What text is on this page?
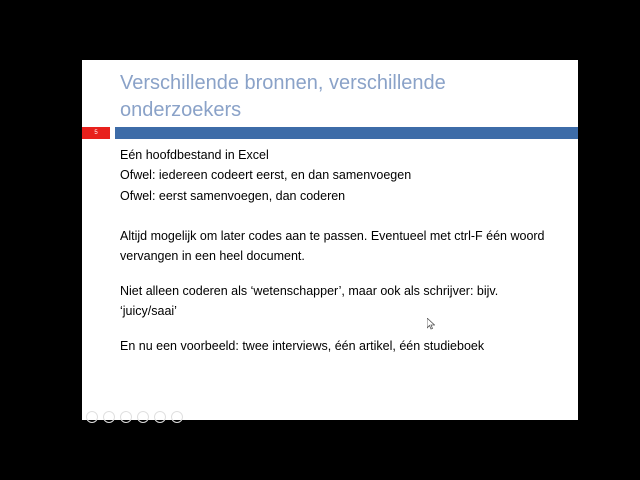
Verschillende bronnen, verschillende onderzoekers
5
Eén hoofdbestand in Excel
Ofwel: iedereen codeert eerst, en dan samenvoegen
Ofwel: eerst samenvoegen, dan coderen
Altijd mogelijk om later codes aan te passen. Eventueel met ctrl-F één woord vervangen in een heel document.
Niet alleen coderen als ‘wetenschapper’, maar ook als schrijver: bijv. ‘juicy/saai’
En nu een voorbeeld: twee interviews, één artikel, één studieboek
